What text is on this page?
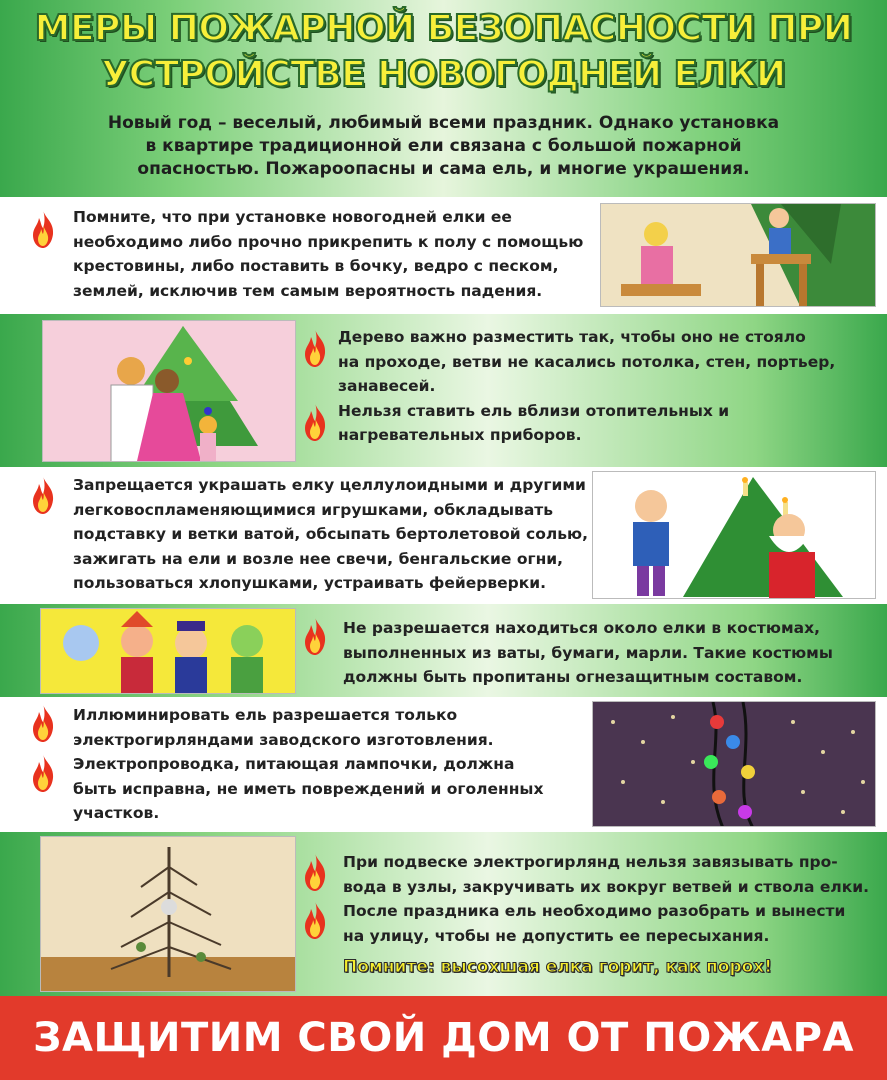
МЕРЫ ПОЖАРНОЙ БЕЗОПАСНОСТИ ПРИ
УСТРОЙСТВЕ НОВОГОДНЕЙ ЕЛКИ
Новый год – веселый, любимый всеми праздник. Однако установка
в квартире традиционной ели связана с большой пожарной
опасностью. Пожароопасны и сама ель, и многие украшения.
Помните, что при установке новогодней елки ее
необходимо либо прочно прикрепить к полу с помощью
крестовины, либо поставить в бочку, ведро с песком,
землей, исключив тем самым вероятность падения.
Дерево важно разместить так, чтобы оно не стояло
на проходе, ветви не касались потолка, стен, портьер,
занавесей.
Нельзя ставить ель вблизи отопительных и
нагревательных приборов.
Запрещается украшать елку целлулоидными и другими
легковоспламеняющимися игрушками, обкладывать
подставку и ветки ватой, обсыпать бертолетовой солью,
зажигать на ели и возле нее свечи, бенгальские огни,
пользоваться хлопушками, устраивать фейерверки.
Не разрешается находиться около елки в костюмах,
выполненных из ваты, бумаги, марли. Такие костюмы
должны быть пропитаны огнезащитным составом.
Иллюминировать ель разрешается только
электрогирляндами заводского изготовления.
Электропроводка, питающая лампочки, должна
быть исправна, не иметь повреждений и оголенных
участков.
При подвеске электрогирлянд нельзя завязывать про-
вода в узлы, закручивать их вокруг ветвей и ствола елки.
После праздника ель необходимо разобрать и вынести
на улицу, чтобы не допустить ее пересыхания.
Помните: высохшая елка горит, как порох!
ЗАЩИТИМ СВОЙ ДОМ ОТ ПОЖАРА
